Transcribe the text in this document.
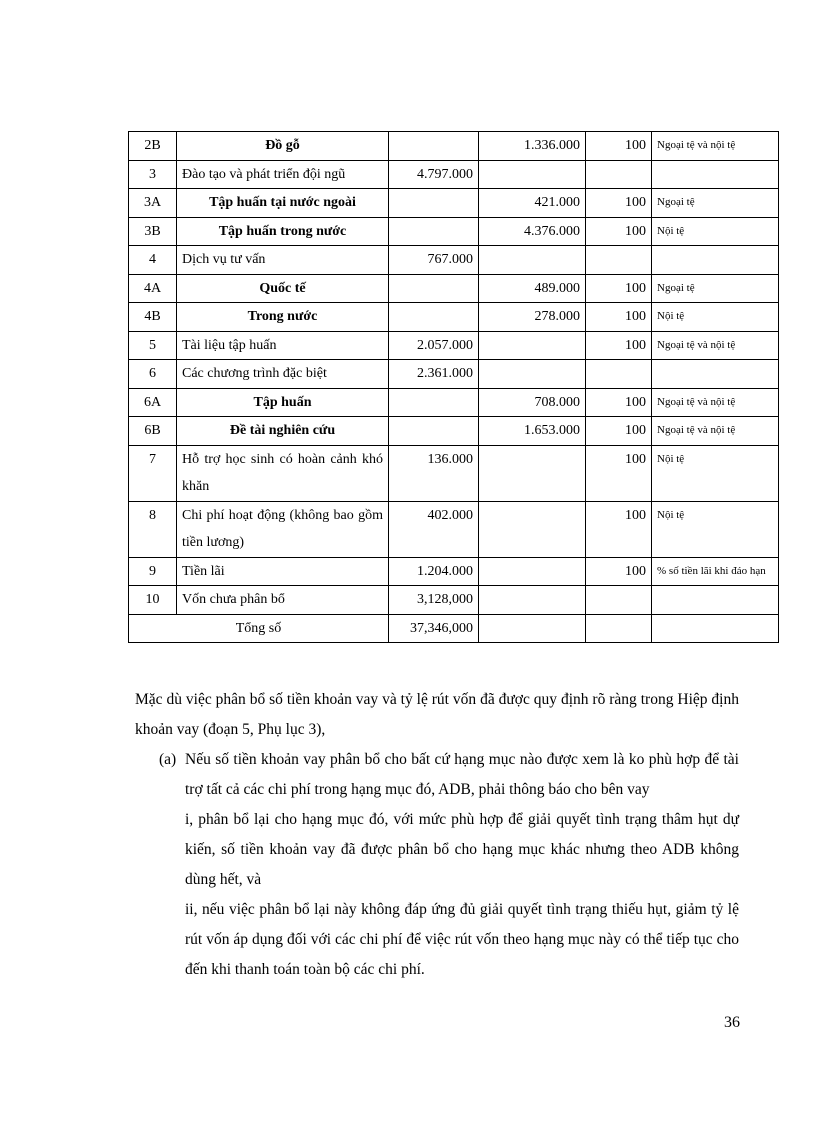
2B	Đồ gỗ		1.336.000	100	Ngoại tệ và nội tệ
3	Đào tạo và phát triển đội ngũ	4.797.000			
3A	Tập huấn tại nước ngoài		421.000	100	Ngoại tệ
3B	Tập huấn trong nước		4.376.000	100	Nội tệ
4	Dịch vụ tư vấn	767.000			
4A	Quốc tế		489.000	100	Ngoại tệ
4B	Trong nước		278.000	100	Nội tệ
5	Tài liệu tập huấn	2.057.000		100	Ngoại tệ và nội tệ
6	Các chương trình đặc biệt	2.361.000			
6A	Tập huấn		708.000	100	Ngoại tệ và nội tệ
6B	Đề tài nghiên cứu		1.653.000	100	Ngoại tệ và nội tệ
7	Hỗ trợ học sinh có hoàn cảnh khó khăn	136.000		100	Nội tệ
8	Chi phí hoạt động (không bao gồm tiền lương)	402.000		100	Nội tệ
9	Tiền lãi	1.204.000		100	% số tiền lãi khi đáo hạn
10	Vốn chưa phân bổ	3,128,000			
Tổng số		37,346,000			
Mặc dù việc phân bổ số tiền khoản vay và tỷ lệ rút vốn đã được quy định rõ ràng trong Hiệp định khoản vay (đoạn 5, Phụ lục 3),
(a) Nếu số tiền khoản vay phân bổ cho bất cứ hạng mục nào được xem là ko phù hợp để tài trợ tất cả các chi phí trong hạng mục đó, ADB, phải thông báo cho bên vay
i, phân bổ lại cho hạng mục đó, với mức phù hợp để giải quyết tình trạng thâm hụt dự kiến, số tiền khoản vay đã được phân bổ cho hạng mục khác nhưng theo ADB không dùng hết, và
ii, nếu việc phân bổ lại này không đáp ứng đủ giải quyết tình trạng thiếu hụt, giảm tỷ lệ rút vốn áp dụng đối với các chi phí để việc rút vốn theo hạng mục này có thể tiếp tục cho đến khi thanh toán toàn bộ các chi phí.
36
